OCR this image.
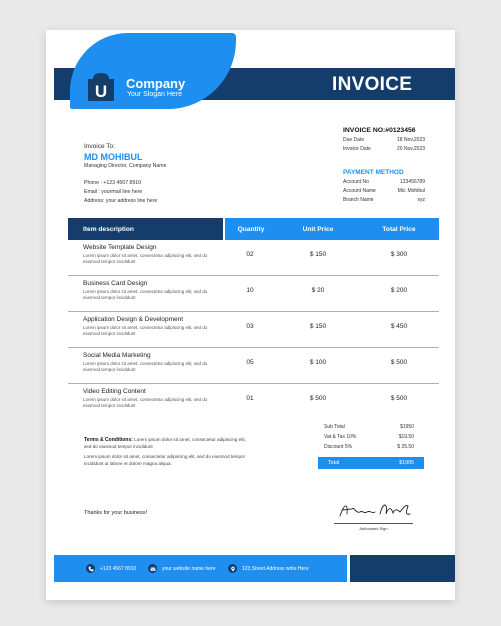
U Company
Your Slogan Here	INVOICE
Invoice To:
MD MOHIBUL
Managing Director, Company Name
Phone : +123 4567 8910
Email : yourmail line here
Address: your address line here
INVOICE NO:#0123456
Due Date	18 Nov,2023
Invoice Date	20 Nov,2023
PAYMENT METHOD
Account No	123456789
Account Name	Md. Mohibul
Branch Name	xyz
Item description	Quantity	Unit Price	Total Price
Website Template Design
Lorem ipsum dolor sit amet, consectetur adipiscing elit, sed do eiusmod tempor incididunt
02	$ 150	$ 300
Business Card Design
Lorem ipsum dolor sit amet, consectetur adipiscing elit, sed do eiusmod tempor incididunt
10	$ 20	$ 200
Application Design & Development
Lorem ipsum dolor sit amet, consectetur adipiscing elit, sed do eiusmod tempor incididunt
03	$ 150	$ 450
Social Media Marketing
Lorem ipsum dolor sit amet, consectetur adipiscing elit, sed do eiusmod tempor incididunt
05	$ 100	$ 500
Video Editing Content
Lorem ipsum dolor sit amet, consectetur adipiscing elit, sed do eiusmod tempor incididunt
01	$ 500	$ 500
Terms & Conditions: Lorem ipsum dolor sit amet, consectetur adipiscing elit, sed do eiusmod tempor incididunt
Lorem ipsum dolor sit amet, consectetur adipiscing elit, sed do eiusmod tempor incididunt ut labore et dolore magna aliqua.
Sub Total	$1950
Vat & Tax 10%	$19.50
Discount 5%	$ 25.50
Total	$1905
Thanks for your business!
Authorised Sign
+123 4567 8910	your website name here	123,Street Address write Here
